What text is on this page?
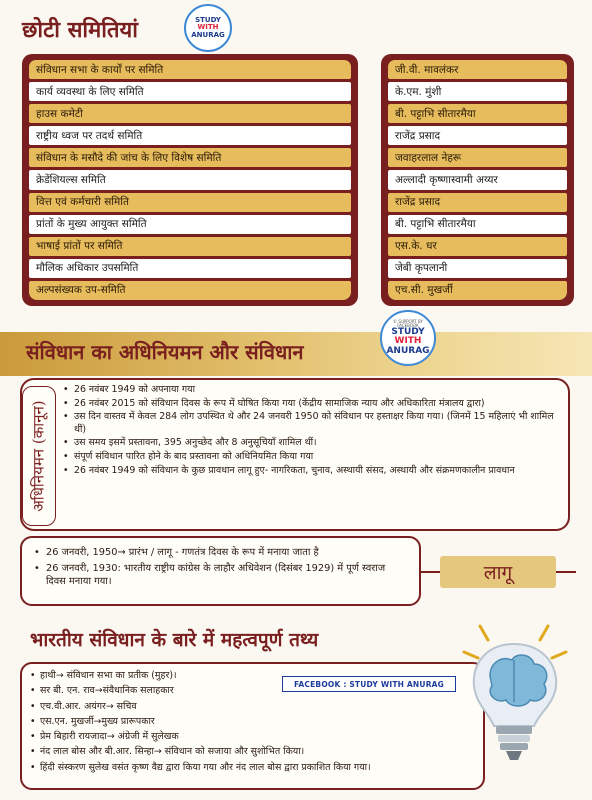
छोटी समितियां	STUDY
WITH
ANURAG
संविधान सभा के कार्यों पर समिति
कार्य व्यवस्था के लिए समिति
हाउस कमेटी
राष्ट्रीय ध्वज पर तदर्थ समिति
संविधान के मसौदे की जांच के लिए विशेष समिति
क्रेडेंशियल्स समिति
वित्त एवं कर्मचारी समिति
प्रांतों के मुख्य आयुक्त समिति
भाषाई प्रांतों पर समिति
मौलिक अधिकार उपसमिति
अल्पसंख्यक उप-समिति
जी.वी. मावलंकर
के.एम. मुंशी
बी. पट्टाभि सीतारमैया
राजेंद्र प्रसाद
जवाहरलाल नेहरू
अल्लादी कृष्णास्वामी अय्यर
राजेंद्र प्रसाद
बी. पट्टाभि सीतारमैया
एस.के. धर
जेबी कृपलानी
एच.सी. मुखर्जी
संविधान का अधिनियमन और संविधान
© SUPPORT BY FACEBOOK
STUDY
WITH
ANURAG
अधिनियमन (कानून)
• 26 नवंबर 1949 को अपनाया गया
• 26 नवंबर 2015 को संविधान दिवस के रूप में घोषित किया गया (केंद्रीय सामाजिक न्याय और अधिकारिता मंत्रालय द्वारा)
• उस दिन वास्तव में केवल 284 लोग उपस्थित थे और 24 जनवरी 1950 को संविधान पर हस्ताक्षर किया गया। (जिनमें 15 महिलाएं भी शामिल थीं)
• उस समय इसमें प्रस्तावना, 395 अनुच्छेद और 8 अनुसूचियाँ शामिल थीं।
• संपूर्ण संविधान पारित होने के बाद प्रस्तावना को अधिनियमित किया गया
• 26 नवंबर 1949 को संविधान के कुछ प्रावधान लागू हुए- नागरिकता, चुनाव, अस्थायी संसद, अस्थायी और संक्रमणकालीन प्रावधान
• 26 जनवरी, 1950→ प्रारंभ / लागू - गणतंत्र दिवस के रूप में मनाया जाता है
• 26 जनवरी, 1930: भारतीय राष्ट्रीय कांग्रेस के लाहौर अधिवेशन (दिसंबर 1929) में पूर्ण स्वराज दिवस मनाया गया।	लागू
भारतीय संविधान के बारे में महत्वपूर्ण तथ्य
• हाथी→ संविधान सभा का प्रतीक (मुहर)।
• सर बी. एन. राव→संवैधानिक सलाहकार
• एच.वी.आर. अयंगर→ सचिव
• एस.एन. मुखर्जी→मुख्य प्रारूपकार
• प्रेम बिहारी रायजादा→ अंग्रेजी में सुलेखक
• नंद लाल बोस और बी.आर. सिन्हा→ संविधान को सजाया और सुशोभित किया।
• हिंदी संस्करण सुलेख वसंत कृष्ण वैद्य द्वारा किया गया और नंद लाल बोस द्वारा प्रकाशित किया गया।
FACEBOOK : STUDY WITH ANURAG
